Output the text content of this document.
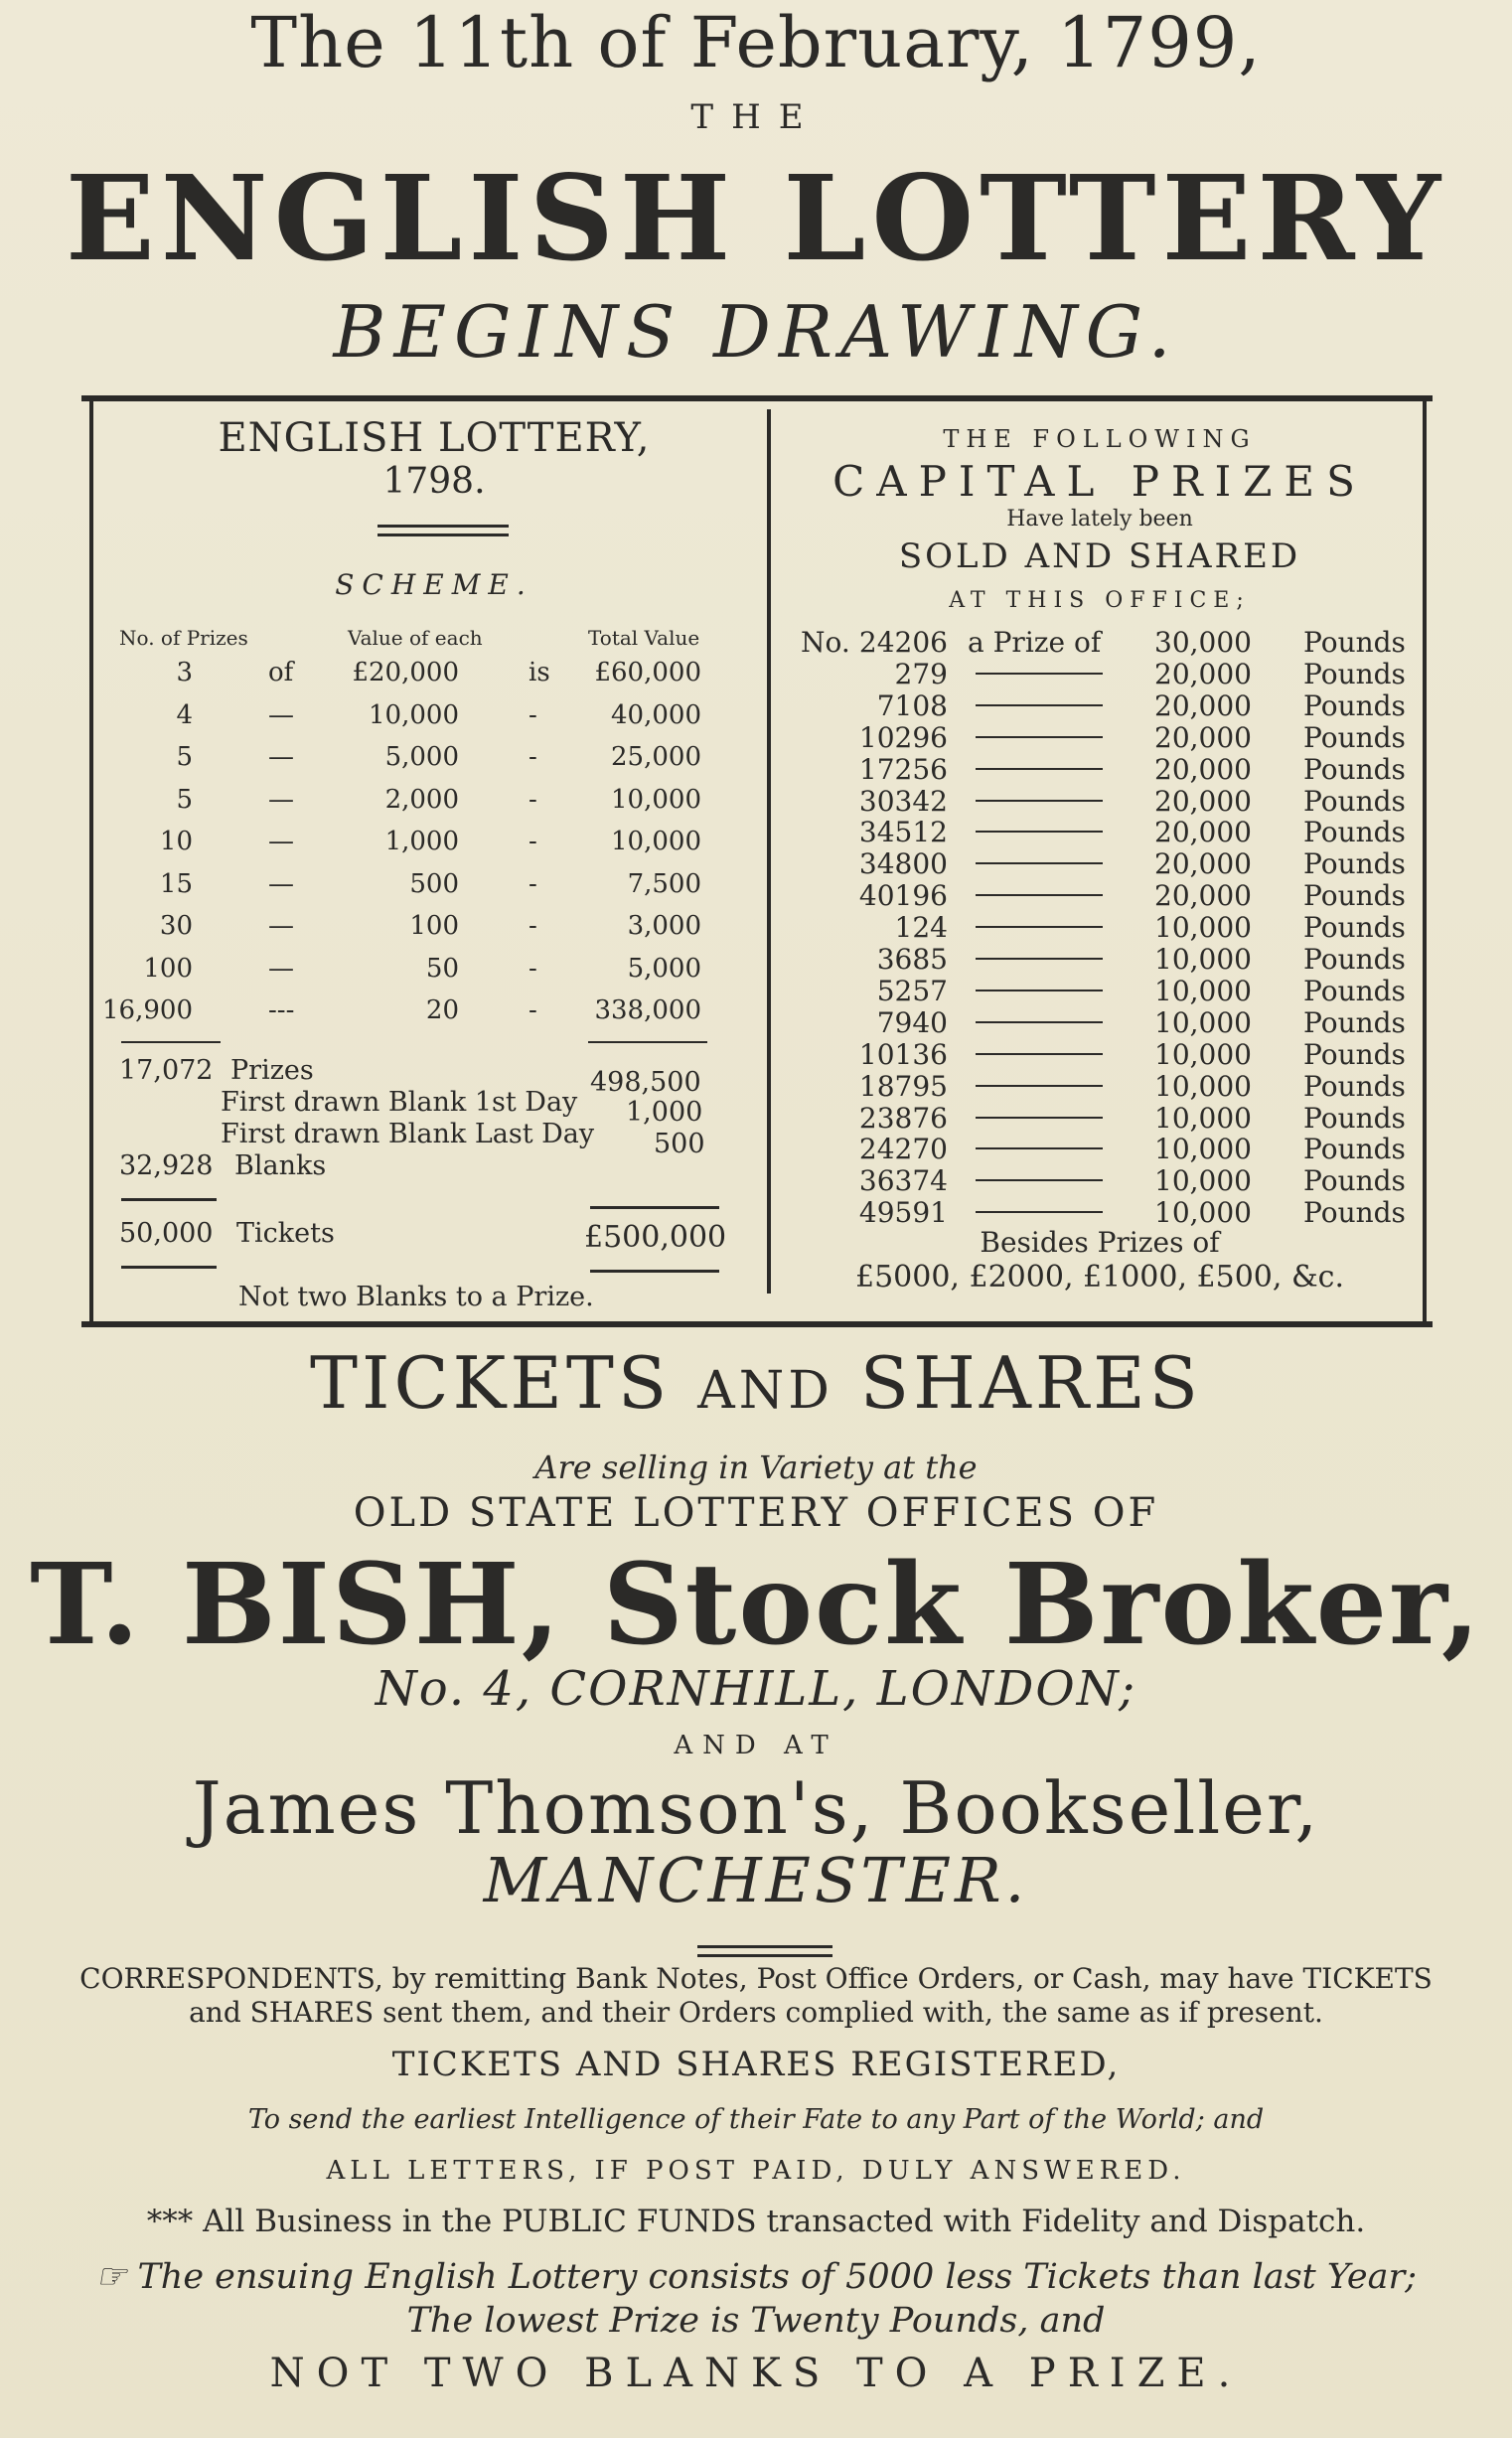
The 11th of February, 1799,
THE
ENGLISH LOTTERY
BEGINS DRAWING.
ENGLISH LOTTERY,
1798.
SCHEME.
No. of Prizes	Value of each	Total Value
3	of £20,000	is £60,000
4	—	10,000	-	40,000
5	—	5,000	-	25,000
5	—	2,000	-	10,000
10	—	1,000	-	10,000
15	—	500	-	7,500
30	—	100	-	3,000
100	—	50	-	5,000
16,900	---	20	- 338,000
17,072 Prizes	498,500
First drawn Blank 1st Day 1,000
First drawn Blank Last Day 500
32,928 Blanks
50,000 Tickets	£500,000
Not two Blanks to a Prize.
THE FOLLOWING
CAPITAL PRIZES
Have lately been
SOLD AND SHARED
AT THIS OFFICE;
No. 24206 a Prize of 30,000 Pounds
279	20,000 Pounds
7108	20,000 Pounds
10296	20,000 Pounds
17256	20,000 Pounds
30342	20,000 Pounds
34512	20,000 Pounds
34800	20,000 Pounds
40196	20,000 Pounds
124	10,000 Pounds
3685	10,000 Pounds
5257	10,000 Pounds
7940	10,000 Pounds
10136	10,000 Pounds
18795	10,000 Pounds
23876	10,000 Pounds
24270	10,000 Pounds
36374	10,000 Pounds
49591	10,000 Pounds
Besides Prizes of
£5000, £2000, £1000, £500, &c.
TICKETS AND SHARES
Are selling in Variety at the
OLD STATE LOTTERY OFFICES OF
T. BISH, Stock Broker,
No. 4, CORNHILL, LONDON;
AND AT
James Thomson's, Bookseller,
MANCHESTER.
CORRESPONDENTS, by remitting Bank Notes, Post Office Orders, or Cash, may have TICKETS and SHARES sent them, and their Orders complied with, the same as if present.
TICKETS AND SHARES REGISTERED,
To send the earliest Intelligence of their Fate to any Part of the World; and
ALL LETTERS, IF POST PAID, DULY ANSWERED.
*** All Business in the PUBLIC FUNDS transacted with Fidelity and Dispatch.
☞ The ensuing English Lottery consists of 5000 less Tickets than last Year;
The lowest Prize is Twenty Pounds, and
NOT TWO BLANKS TO A PRIZE.
